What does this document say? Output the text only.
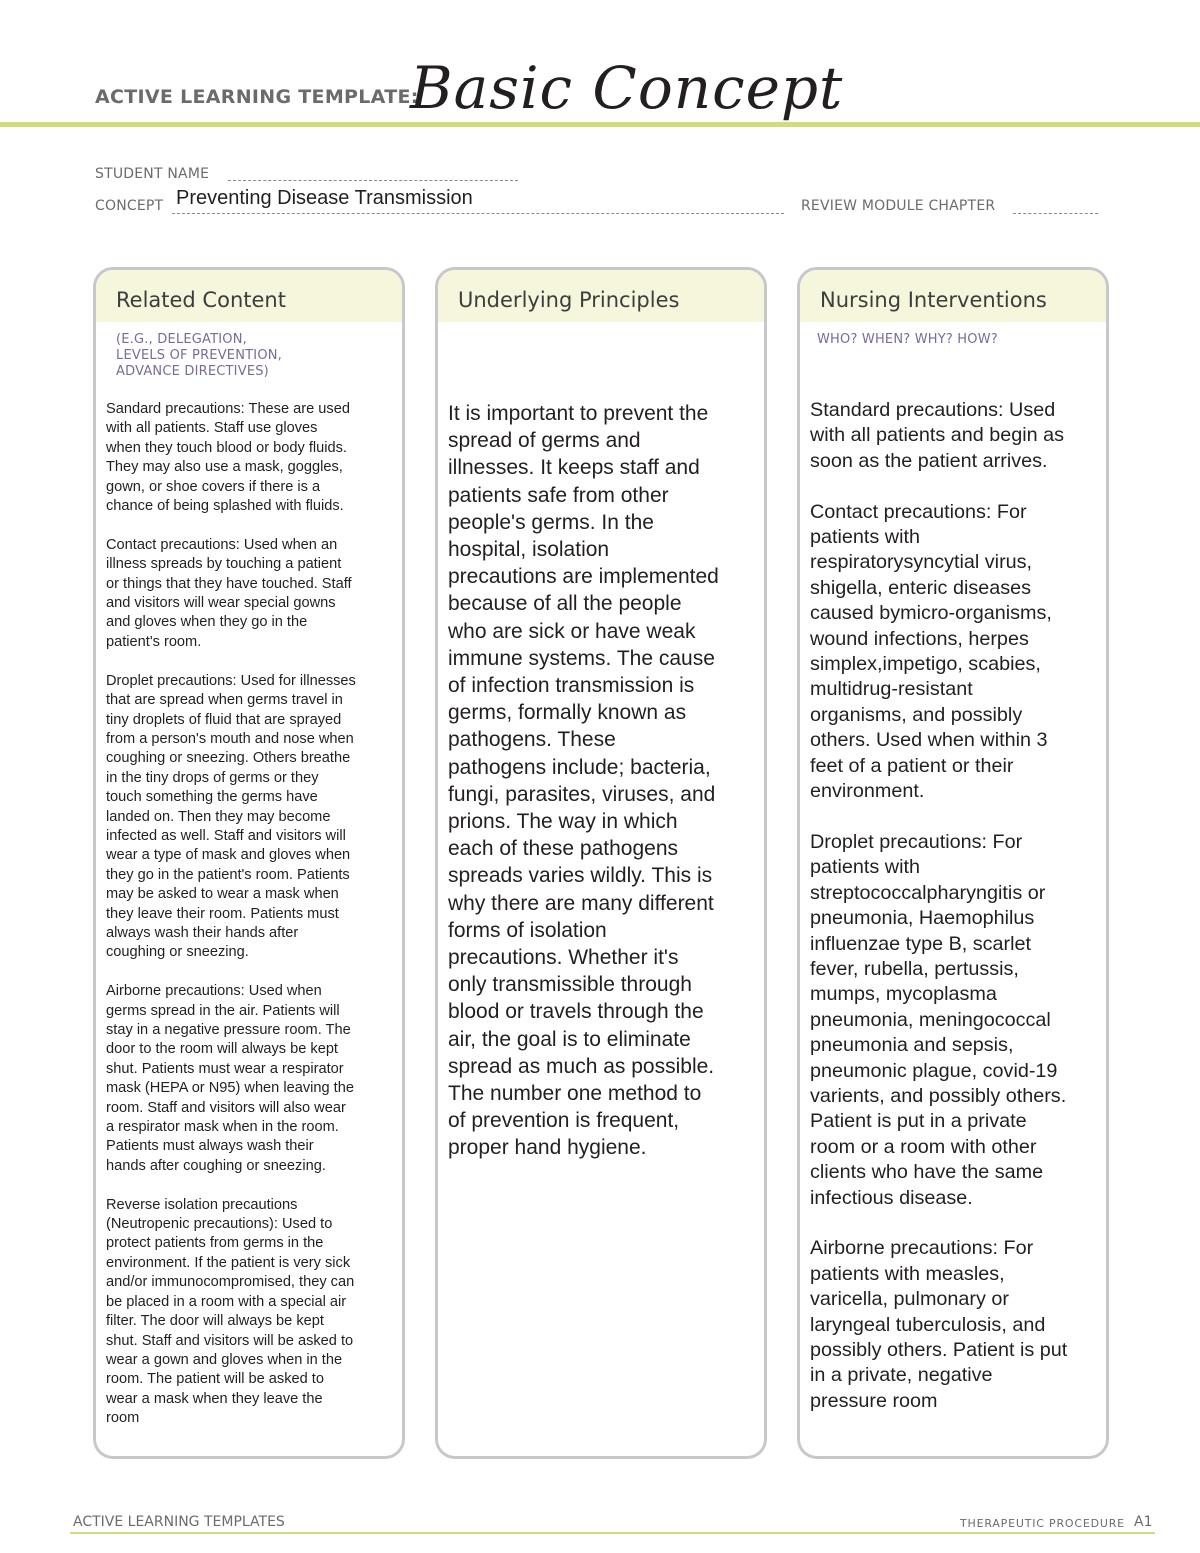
ACTIVE LEARNING TEMPLATE:
Basic Concept
STUDENT NAME
CONCEPT Preventing Disease Transmission	REVIEW MODULE CHAPTER
Related Content
(E.G., DELEGATION,
LEVELS OF PREVENTION,
ADVANCE DIRECTIVES)
Sandard precautions: These are used
with all patients. Staff use gloves
when they touch blood or body fluids.
They may also use a mask, goggles,
gown, or shoe covers if there is a
chance of being splashed with fluids.

Contact precautions: Used when an
illness spreads by touching a patient
or things that they have touched. Staff
and visitors will wear special gowns
and gloves when they go in the
patient's room.

Droplet precautions: Used for illnesses
that are spread when germs travel in
tiny droplets of fluid that are sprayed
from a person's mouth and nose when
coughing or sneezing. Others breathe
in the tiny drops of germs or they
touch something the germs have
landed on. Then they may become
infected as well. Staff and visitors will
wear a type of mask and gloves when
they go in the patient's room. Patients
may be asked to wear a mask when
they leave their room. Patients must
always wash their hands after
coughing or sneezing.

Airborne precautions: Used when
germs spread in the air. Patients will
stay in a negative pressure room. The
door to the room will always be kept
shut. Patients must wear a respirator
mask (HEPA or N95) when leaving the
room. Staff and visitors will also wear
a respirator mask when in the room.
Patients must always wash their
hands after coughing or sneezing.

Reverse isolation precautions
(Neutropenic precautions): Used to
protect patients from germs in the
environment. If the patient is very sick
and/or immunocompromised, they can
be placed in a room with a special air
filter. The door will always be kept
shut. Staff and visitors will be asked to
wear a gown and gloves when in the
room. The patient will be asked to
wear a mask when they leave the
room
Underlying Principles
It is important to prevent the
spread of germs and
illnesses. It keeps staff and
patients safe from other
people's germs. In the
hospital, isolation
precautions are implemented
because of all the people
who are sick or have weak
immune systems. The cause
of infection transmission is
germs, formally known as
pathogens. These
pathogens include; bacteria,
fungi, parasites, viruses, and
prions. The way in which
each of these pathogens
spreads varies wildly. This is
why there are many different
forms of isolation
precautions. Whether it's
only transmissible through
blood or travels through the
air, the goal is to eliminate
spread as much as possible.
The number one method to
of prevention is frequent,
proper hand hygiene.
Nursing Interventions
WHO? WHEN? WHY? HOW?
Standard precautions: Used
with all patients and begin as
soon as the patient arrives.

Contact precautions: For
patients with
respiratorysyncytial virus,
shigella, enteric diseases
caused bymicro-organisms,
wound infections, herpes
simplex,impetigo, scabies,
multidrug-resistant
organisms, and possibly
others. Used when within 3
feet of a patient or their
environment.

Droplet precautions: For
patients with
streptococcalpharyngitis or
pneumonia, Haemophilus
influenzae type B, scarlet
fever, rubella, pertussis,
mumps, mycoplasma
pneumonia, meningococcal
pneumonia and sepsis,
pneumonic plague, covid-19
varients, and possibly others.
Patient is put in a private
room or a room with other
clients who have the same
infectious disease.

Airborne precautions: For
patients with measles,
varicella, pulmonary or
laryngeal tuberculosis, and
possibly others. Patient is put
in a private, negative
pressure room
ACTIVE LEARNING TEMPLATES	THERAPEUTIC PROCEDURE A1
